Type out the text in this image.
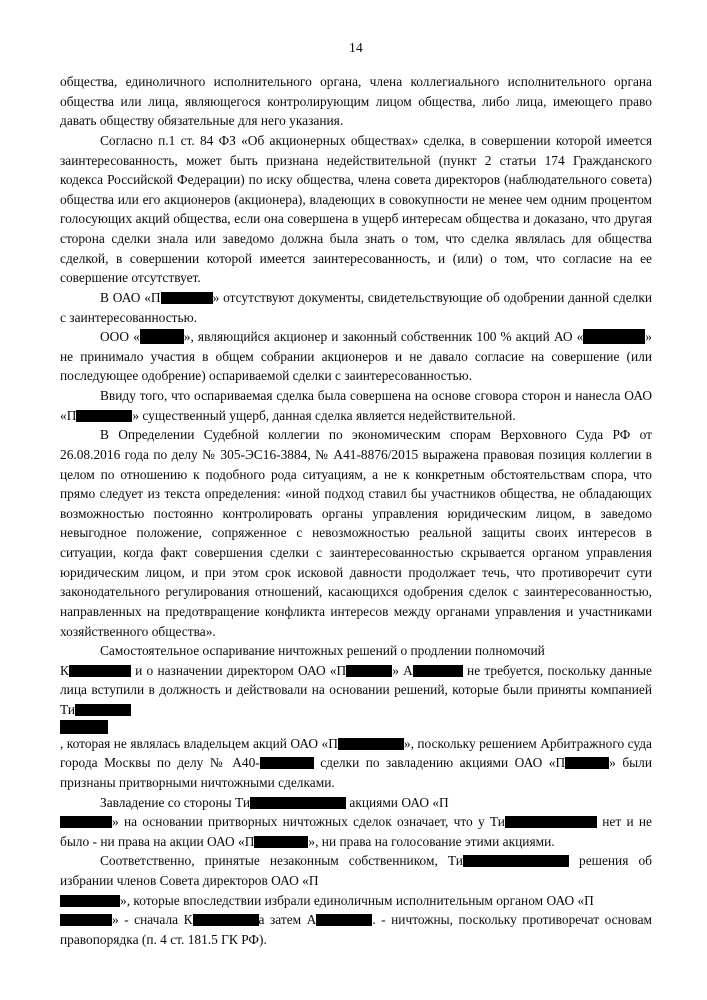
14

общества, единоличного исполнительного органа, члена коллегиального исполнительного органа общества или лица, являющегося контролирующим лицом общества, либо лица, имеющего право давать обществу обязательные для него указания.

Согласно п.1 ст. 84 ФЗ «Об акционерных обществах» сделка, в совершении которой имеется заинтересованность, может быть признана недействительной (пункт 2 статьи 174 Гражданского кодекса Российской Федерации) по иску общества, члена совета директоров (наблюдательного совета) общества или его акционеров (акционера), владеющих в совокупности не менее чем одним процентом голосующих акций общества, если она совершена в ущерб интересам общества и доказано, что другая сторона сделки знала или заведомо должна была знать о том, что сделка являлась для общества сделкой, в совершении которой имеется заинтересованность, и (или) о том, что согласие на ее совершение отсутствует.

В ОАО «П	» отсутствуют документы, свидетельствующие об одобрении данной сделки с заинтересованностью.

ООО «	», являющийся акционер и законный собственник 100 % акций АО «	» не принимало участия в общем собрании акционеров и не давало согласие на совершение (или последующее одобрение) оспариваемой сделки с заинтересованностью.

Ввиду того, что оспариваемая сделка была совершена на основе сговора сторон и нанесла ОАО «П	» существенный ущерб, данная сделка является недействительной.

В Определении Судебной коллегии по экономическим спорам Верховного Суда РФ от 26.08.2016 года по делу № 305-ЭС16-3884, № А41-8876/2015 выражена правовая позиция коллегии в целом по отношению к подобного рода ситуациям, а не к конкретным обстоятельствам спора, что прямо следует из текста определения: «иной подход ставил бы участников общества, не обладающих возможностью постоянно контролировать органы управления юридическим лицом, в заведомо невыгодное положение, сопряженное с невозможностью реальной защиты своих интересов в ситуации, когда факт совершения сделки с заинтересованностью скрывается органом управления юридическим лицом, и при этом срок исковой давности продолжает течь, что противоречит сути законодательного регулирования отношений, касающихся одобрения сделок с заинтересованностью, направленных на предотвращение конфликта интересов между органами управления и участниками хозяйственного общества».

Самостоятельное оспаривание ничтожных решений о продлении полномочий
К	и о назначении директором ОАО «П	» А	не требуется, поскольку данные лица вступили в должность и действовали на основании решений, которые были приняты компанией Ти
, которая не являлась владельцем акций ОАО «П	», поскольку решением Арбитражного суда города Москвы по делу № А40-	сделки по завладению акциями ОАО «П	» были признаны притворными ничтожными сделками.

Завладение со стороны Ти	акциями ОАО «П
» на основании притворных ничтожных сделок означает, что у Ти	нет и не было - ни права на акции ОАО «П	», ни права на голосование этими акциями.

Соответственно, принятые незаконным собственником, Ти	решения об избрании членов Совета директоров ОАО «П
», которые впоследствии избрали единоличным исполнительным органом ОАО «П
» - сначала К	а затем А	. - ничтожны, поскольку противоречат основам правопорядка (п. 4 ст. 181.5 ГК РФ).
